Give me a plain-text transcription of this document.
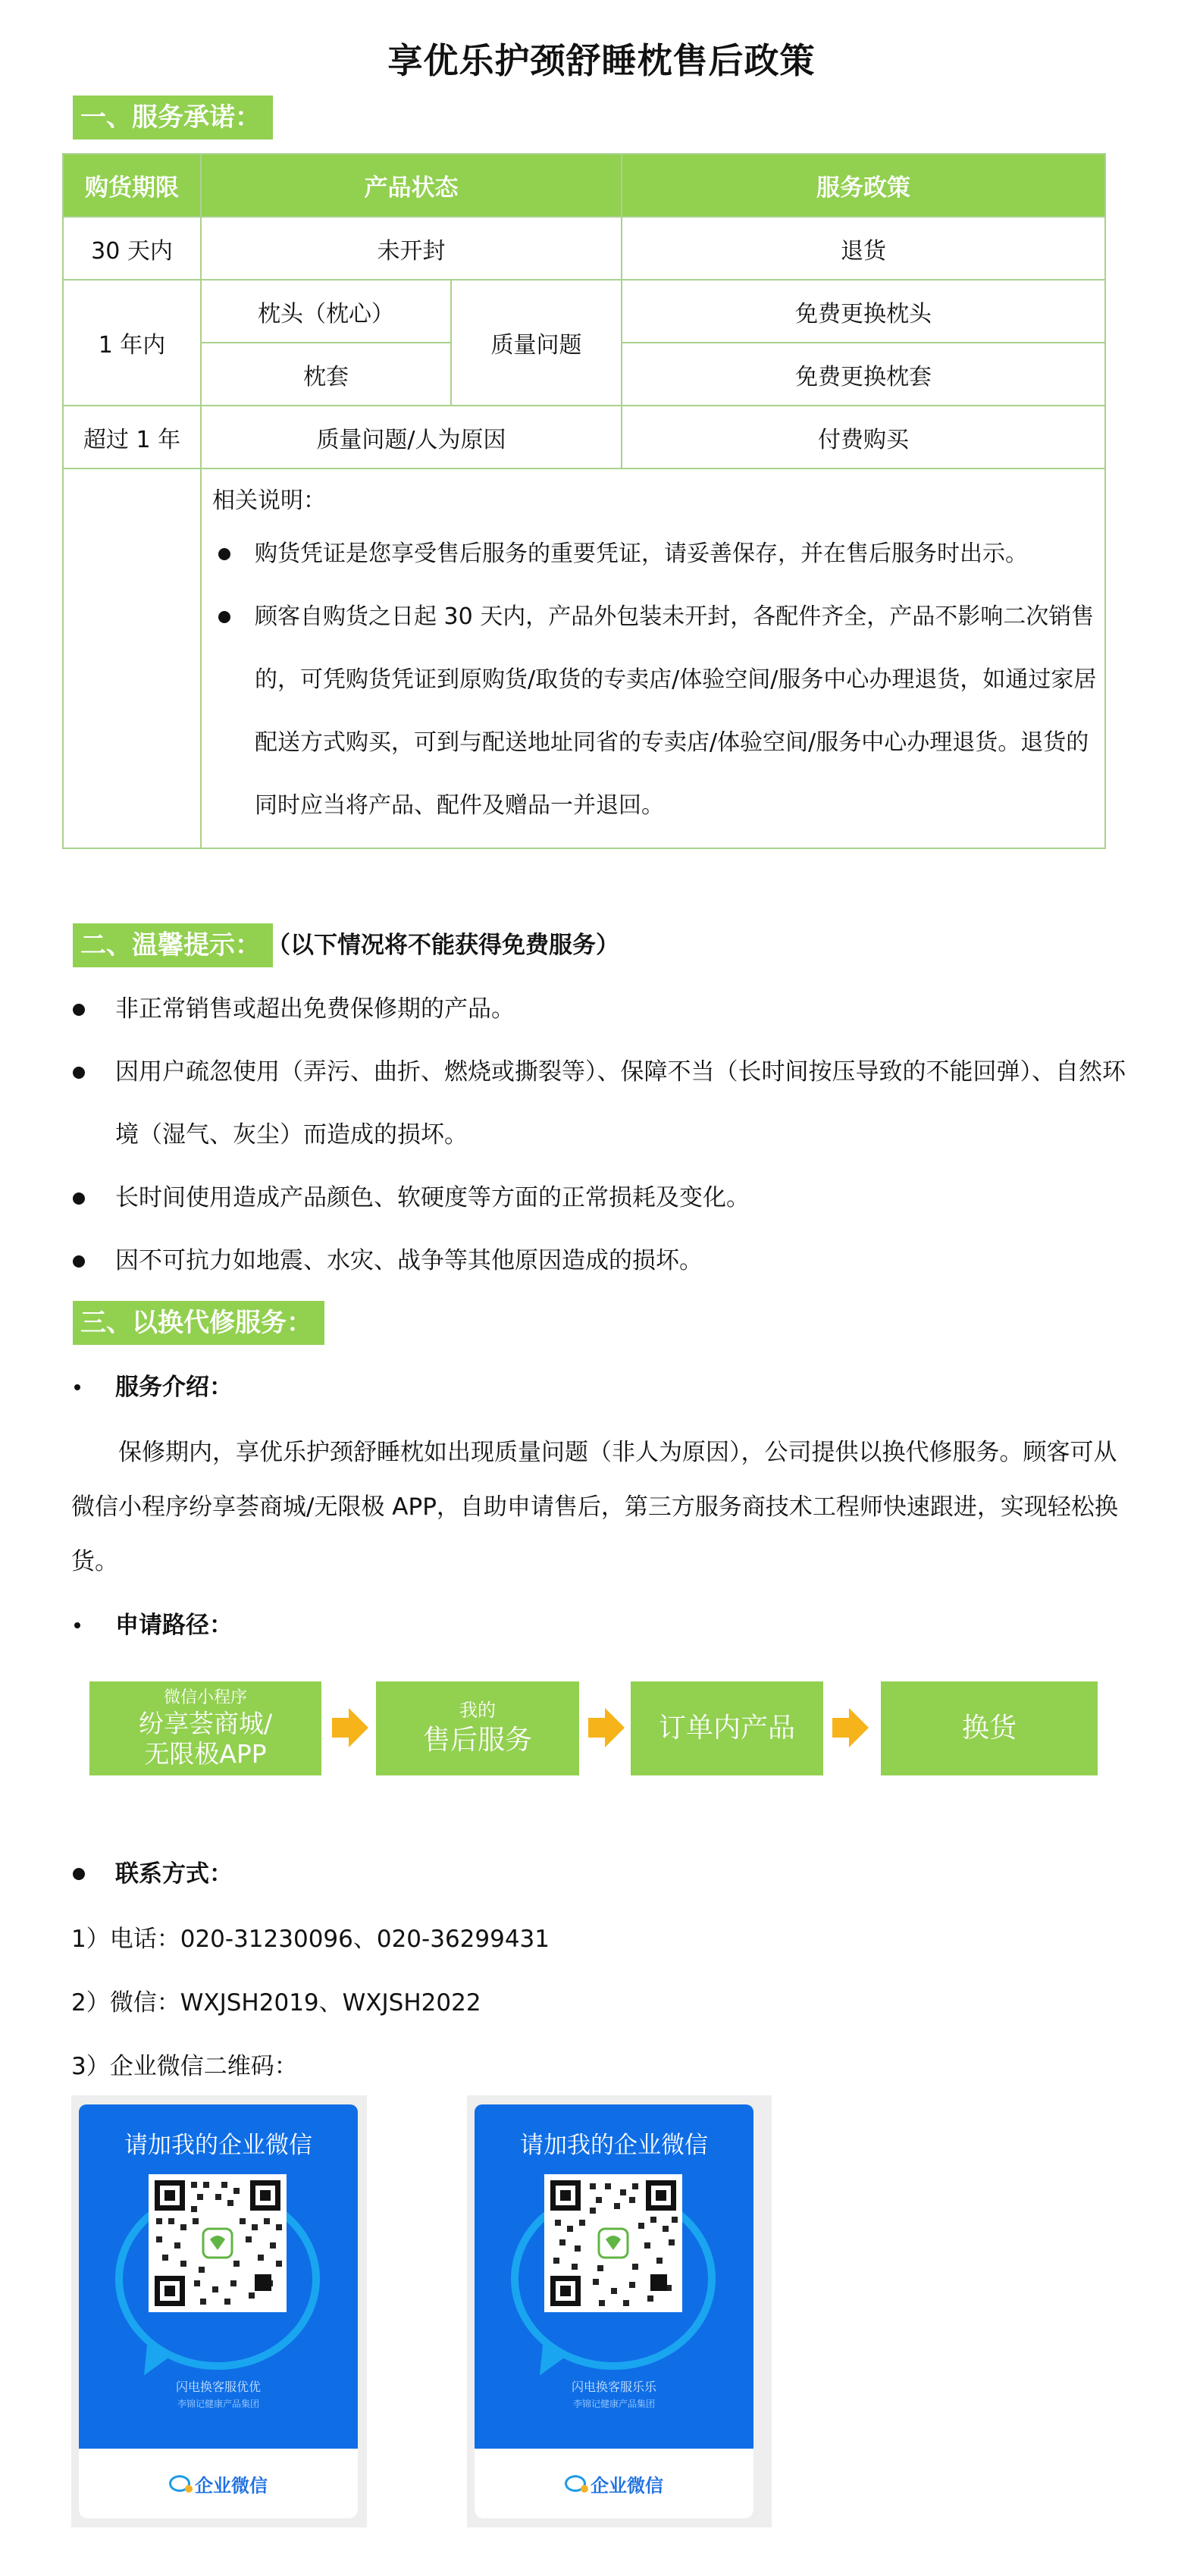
享优乐护颈舒睡枕售后政策
一、服务承诺：
购货期限	产品状态		服务政策
30 天内	未开封		退货
1 年内	枕头（枕心）	质量问题	免费更换枕头
	枕套		免费更换枕套
超过 1 年	质量问题/人为原因		付费购买

	相关说明：
购货凭证是您享受售后服务的重要凭证，请妥善保存，并在售后服务时出示。
顾客自购货之日起 30 天内，产品外包装未开封，各配件齐全，产品不影响二次销售的，可凭购货凭证到原购货/取货的专卖店/体验空间/服务中心办理退货，如通过家居配送方式购买，可到与配送地址同省的专卖店/体验空间/服务中心办理退货。退货的同时应当将产品、配件及赠品一并退回。		
二、温馨提示： （以下情况将不能获得免费服务）
非正常销售或超出免费保修期的产品。
因用户疏忽使用（弄污、曲折、燃烧或撕裂等）、保障不当（长时间按压导致的不能回弹）、自然环境（湿气、灰尘）而造成的损坏。
长时间使用造成产品颜色、软硬度等方面的正常损耗及变化。
因不可抗力如地震、水灾、战争等其他原因造成的损坏。
三、以换代修服务：
服务介绍：
保修期内，享优乐护颈舒睡枕如出现质量问题（非人为原因），公司提供以换代修服务。顾客可从微信小程序纷享荟商城/无限极 APP，自助申请售后，第三方服务商技术工程师快速跟进，实现轻松换货。
申请路径：
微信小程序
纷享荟商城/
无限极APP
我的
售后服务	订单内产品	换货
联系方式：
1）电话：020-31230096、020-36299431
2）微信：WXJSH2019、WXJSH2022
3）企业微信二维码：
请加我的企业微信
闪电换客服优优
李锦记健康产品集团
企业微信
请加我的企业微信
闪电换客服乐乐
李锦记健康产品集团
企业微信
